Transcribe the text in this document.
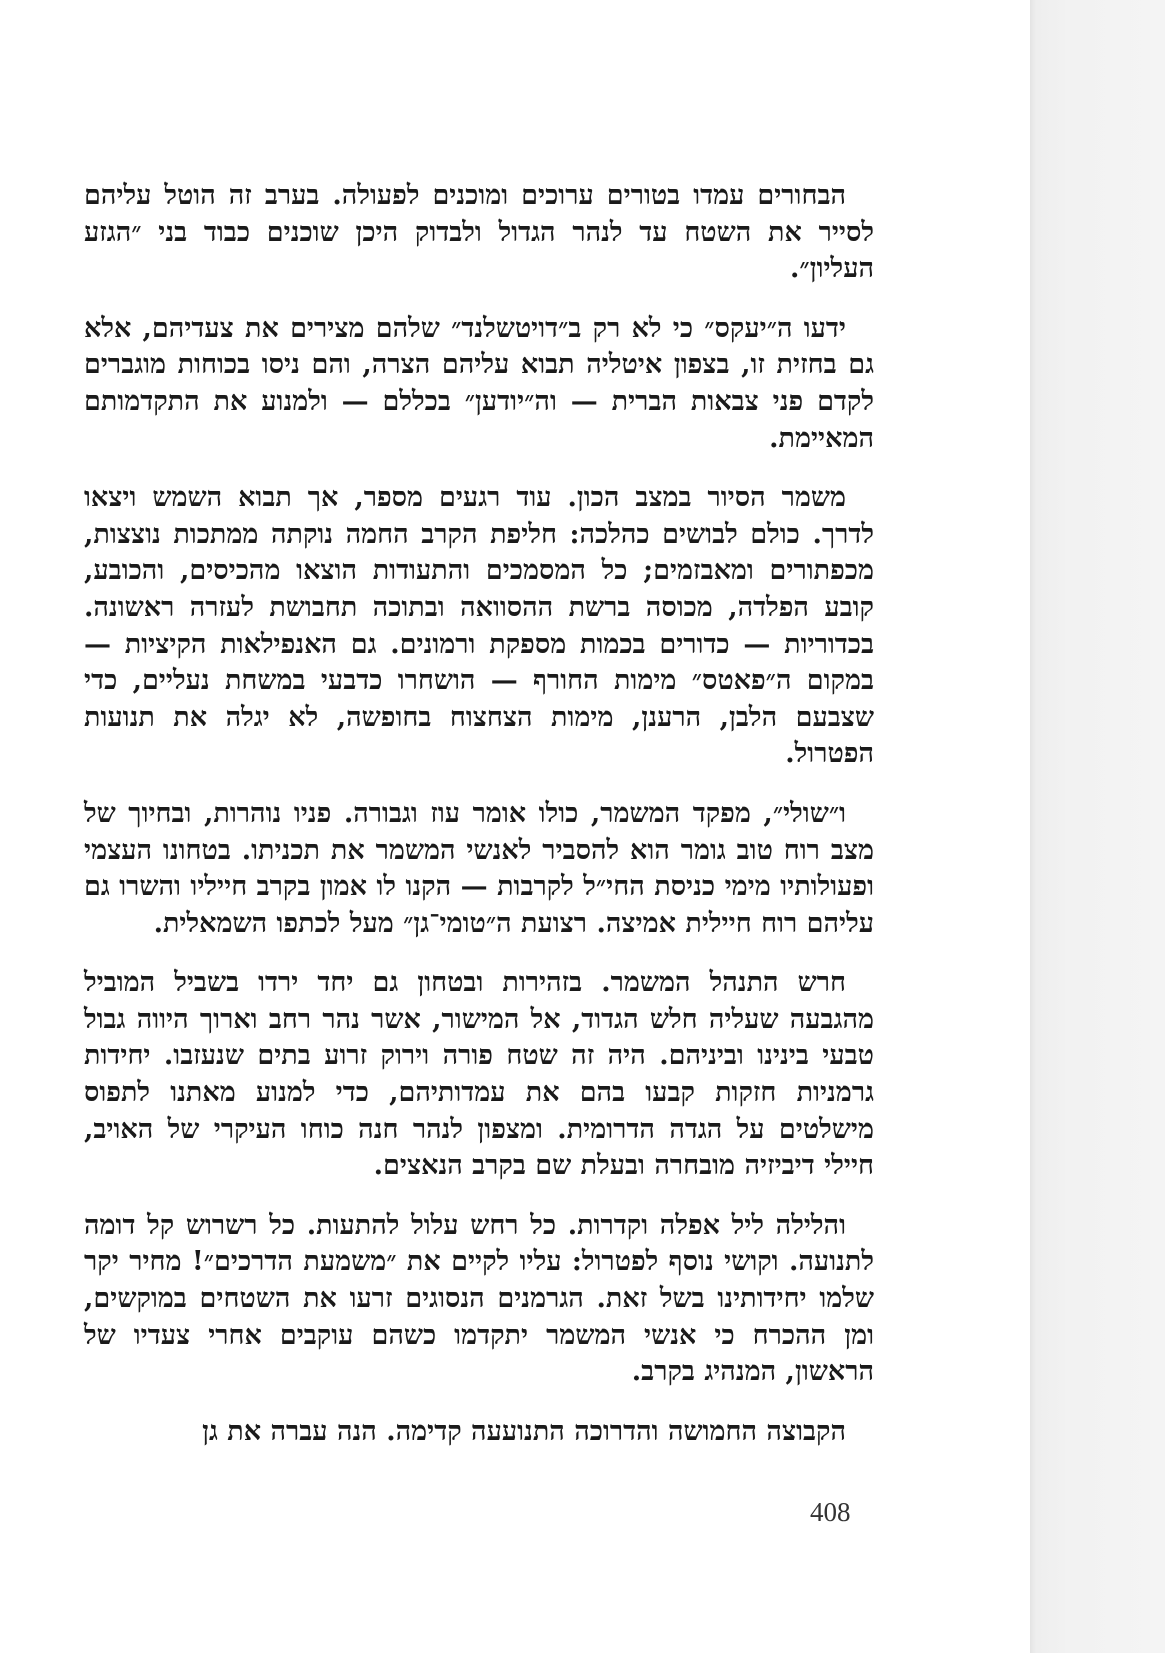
הבחורים עמדו בטורים ערוכים ומוכנים לפעולה. בערב זה הוטל עליהם לסייר את השטח עד לנהר הגדול ולבדוק היכן שוכנים כבוד בני ״הגזע העליון״.

ידעו ה״יעקס״ כי לא רק ב״דויטשלנד״ שלהם מצירים את צעדיהם, אלא גם בחזית זו, בצפון איטליה תבוא עליהם הצרה, והם ניסו בכוחות מוגברים לקדם פני צבאות הברית — וה״יודען״ בכללם — ולמנוע את התקדמותם המאיימת.

משמר הסיור במצב הכון. עוד רגעים מספר, אך תבוא השמש ויצאו לדרך. כולם לבושים כהלכה: חליפת הקרב החמה נוקתה ממתכות נוצצות, מכפתורים ומאבזמים; כל המסמכים והתעודות הוצאו מהכיסים, והכובע, קובע הפלדה, מכוסה ברשת ההסוואה ובתוכה תחבושת לעזרה ראשונה. בכדוריות — כדורים בכמות מספקת ורמונים. גם האנפילאות הקיציות — במקום ה״פאטס״ מימות החורף — הושחרו כדבעי במשחת נעליים, כדי שצבעם הלבן, הרענן, מימות הצחצוח בחופשה, לא יגלה את תנועות הפטרול.

ו״שולי״, מפקד המשמר, כולו אומר עוז וגבורה. פניו נוהרות, ובחיוך של מצב רוח טוב גומר הוא להסביר לאנשי המשמר את תכניתו. בטחונו העצמי ופעולותיו מימי כניסת החי״ל לקרבות — הקנו לו אמון בקרב חייליו והשרו גם עליהם רוח חיילית אמיצה. רצועת ה״טומי־גן״ מעל לכתפו השמאלית.

חרש התנהל המשמר. בזהירות ובטחון גם יחד ירדו בשביל המוביל מהגבעה שעליה חלש הגדוד, אל המישור, אשר נהר רחב וארוך היווה גבול טבעי בינינו וביניהם. היה זה שטח פורה וירוק זרוע בתים שנעזבו. יחידות גרמניות חזקות קבעו בהם את עמדותיהם, כדי למנוע מאתנו לתפוס מישלטים על הגדה הדרומית. ומצפון לנהר חנה כוחו העיקרי של האויב, חיילי דיביזיה מובחרה ובעלת שם בקרב הנאצים.

והלילה ליל אפלה וקדרות. כל רחש עלול להתעות. כל רשרוש קל דומה לתנועה. וקושי נוסף לפטרול: עליו לקיים את ״משמעת הדרכים״! מחיר יקר שלמו יחידותינו בשל זאת. הגרמנים הנסוגים זרעו את השטחים במוקשים, ומן ההכרח כי אנשי המשמר יתקדמו כשהם עוקבים אחרי צעדיו של הראשון, המנהיג בקרב.

הקבוצה החמושה והדרוכה התנועעה קדימה. הנה עברה את גן

408
